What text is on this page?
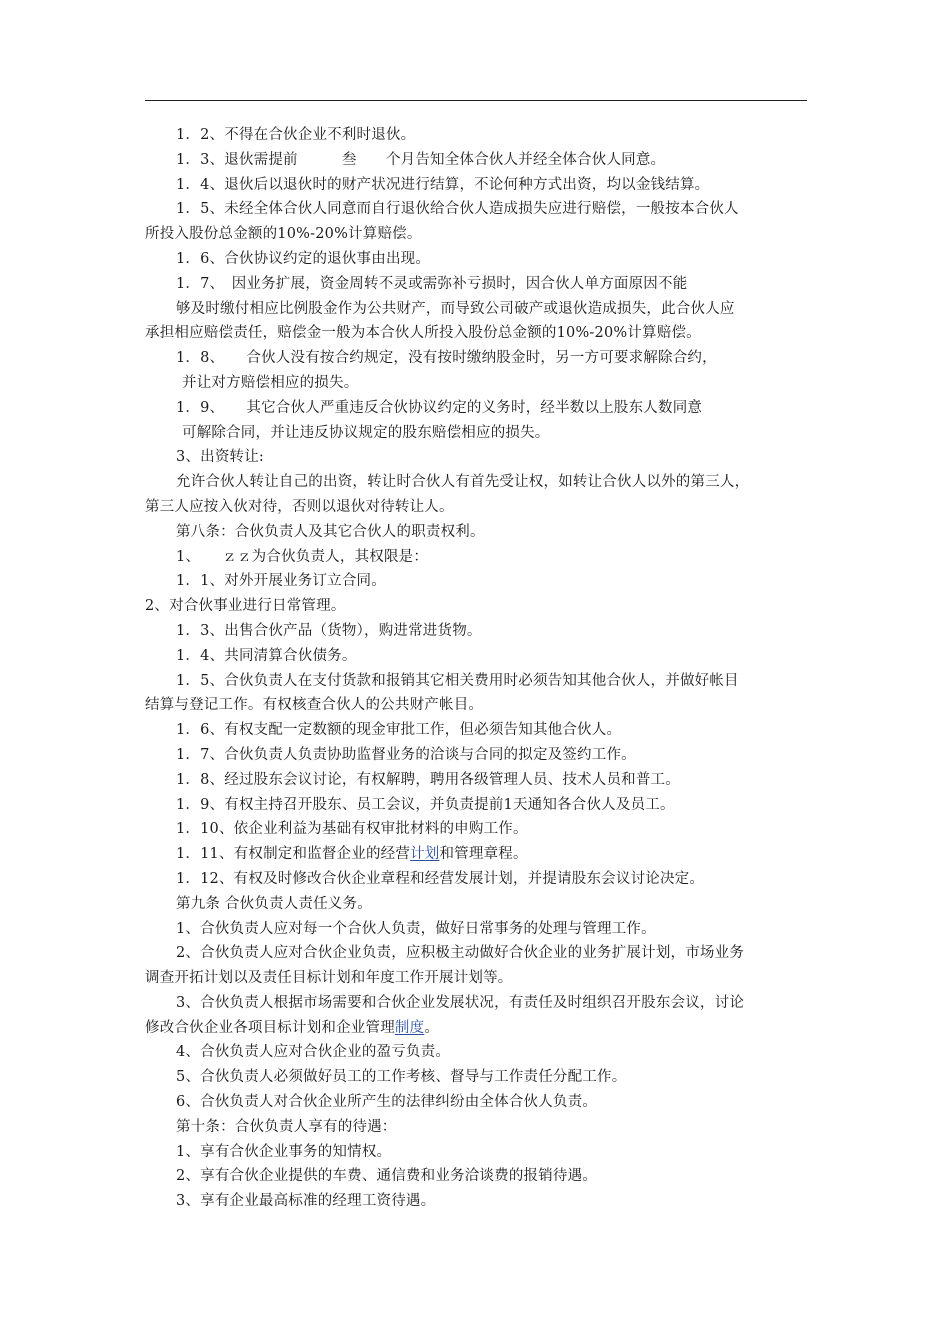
1．2、不得在合伙企业不利时退伙。
1．3、退伙需提前　　　叁　　个月告知全体合伙人并经全体合伙人同意。
1．4、退伙后以退伙时的财产状况进行结算，不论何种方式出资，均以金钱结算。
1．5、未经全体合伙人同意而自行退伙给合伙人造成损失应进行赔偿，一般按本合伙人
所投入股份总金额的10%-20%计算赔偿。
1．6、合伙协议约定的退伙事由出现。
1．7、　因业务扩展，资金周转不灵或需弥补亏损时，因合伙人单方面原因不能
够及时缴付相应比例股金作为公共财产，而导致公司破产或退伙造成损失，此合伙人应
承担相应赔偿责任，赔偿金一般为本合伙人所投入股份总金额的10%-20%计算赔偿。
1．8、　　合伙人没有按合约规定，没有按时缴纳股金时，另一方可要求解除合约，
并让对方赔偿相应的损失。
1．9、　　其它合伙人严重违反合伙协议约定的义务时，经半数以上股东人数同意
可解除合同，并让违反协议规定的股东赔偿相应的损失。
3、出资转让:
允许合伙人转让自己的出资，转让时合伙人有首先受让权，如转让合伙人以外的第三人，
第三人应按入伙对待，否则以退伙对待转让人。
第八条：合伙负责人及其它合伙人的职责权利。
1、　　ｚｚ为合伙负责人，其权限是：
1．1、对外开展业务订立合同。
2、对合伙事业进行日常管理。
1．3、出售合伙产品（货物），购进常进货物。
1．4、共同清算合伙债务。
1．5、合伙负责人在支付货款和报销其它相关费用时必须告知其他合伙人，并做好帐目
结算与登记工作。有权核查合伙人的公共财产帐目。
1．6、有权支配一定数额的现金审批工作，但必须告知其他合伙人。
1．7、合伙负责人负责协助监督业务的洽谈与合同的拟定及签约工作。
1．8、经过股东会议讨论，有权解聘，聘用各级管理人员、技术人员和普工。
1．9、有权主持召开股东、员工会议，并负责提前1天通知各合伙人及员工。
1．10、依企业利益为基础有权审批材料的申购工作。
1．11、有权制定和监督企业的经营计划和管理章程。
1．12、有权及时修改合伙企业章程和经营发展计划，并提请股东会议讨论决定。
第九条 合伙负责人责任义务。
1、合伙负责人应对每一个合伙人负责，做好日常事务的处理与管理工作。
2、合伙负责人应对合伙企业负责，应积极主动做好合伙企业的业务扩展计划，市场业务
调查开拓计划以及责任目标计划和年度工作开展计划等。
3、合伙负责人根据市场需要和合伙企业发展状况，有责任及时组织召开股东会议，讨论
修改合伙企业各项目标计划和企业管理制度。
4、合伙负责人应对合伙企业的盈亏负责。
5、合伙负责人必须做好员工的工作考核、督导与工作责任分配工作。
6、合伙负责人对合伙企业所产生的法律纠纷由全体合伙人负责。
第十条：合伙负责人享有的待遇：
1、享有合伙企业事务的知情权。
2、享有合伙企业提供的车费、通信费和业务洽谈费的报销待遇。
3、享有企业最高标准的经理工资待遇。
